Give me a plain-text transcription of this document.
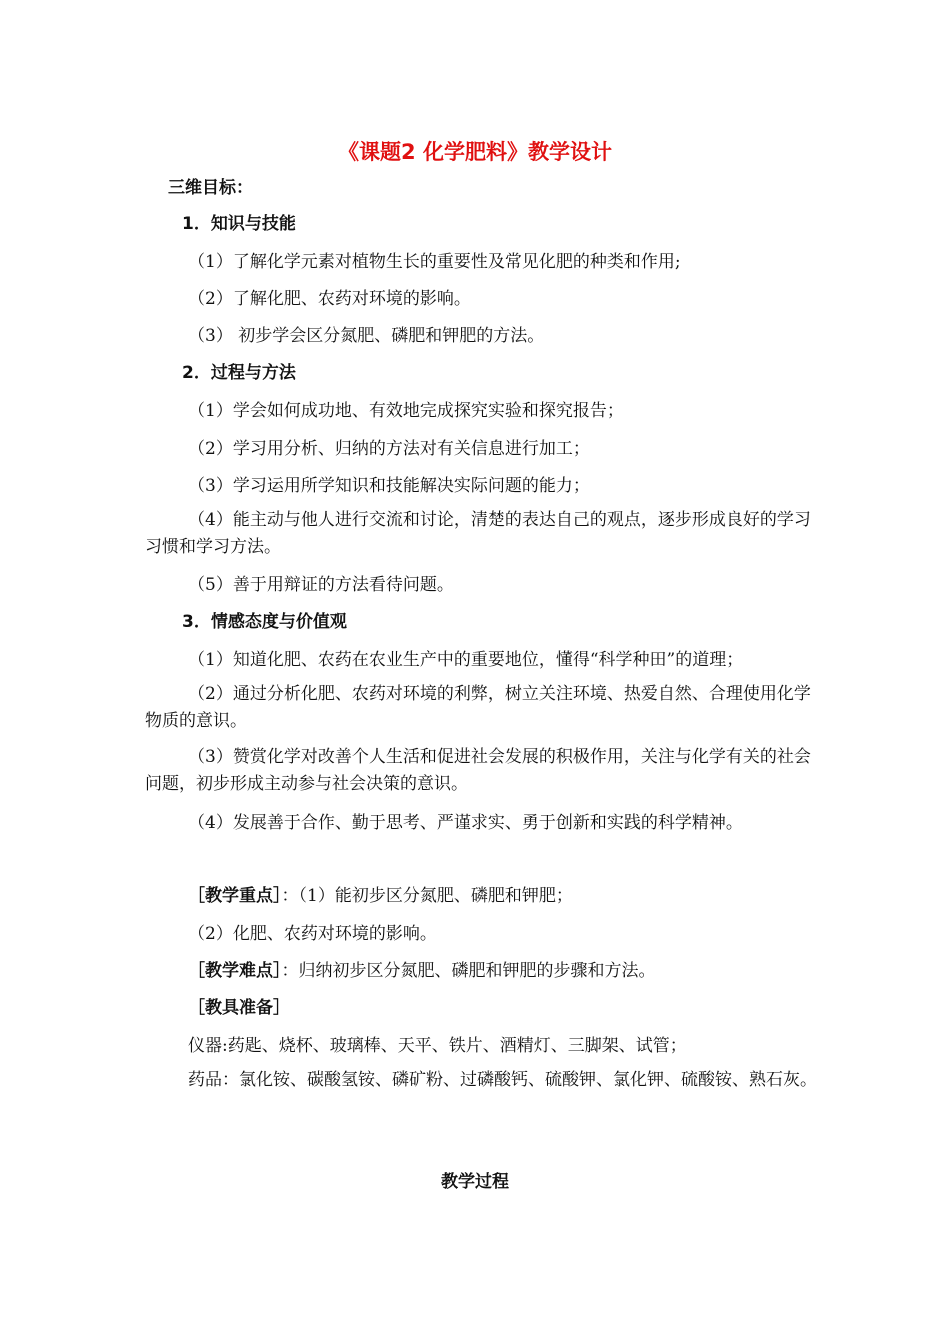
《课题2 化学肥料》教学设计
三维目标：
1．知识与技能
（1）了解化学元素对植物生长的重要性及常见化肥的种类和作用;
（2）了解化肥、农药对环境的影响。
（3） 初步学会区分氮肥、磷肥和钾肥的方法。
2．过程与方法
（1）学会如何成功地、有效地完成探究实验和探究报告；
（2）学习用分析、归纳的方法对有关信息进行加工；
（3）学习运用所学知识和技能解决实际问题的能力；
（4）能主动与他人进行交流和讨论，清楚的表达自己的观点，逐步形成良好的学习习惯和学习方法。
（5）善于用辩证的方法看待问题。
3．情感态度与价值观
（1）知道化肥、农药在农业生产中的重要地位，懂得“科学种田”的道理；
（2）通过分析化肥、农药对环境的利弊，树立关注环境、热爱自然、合理使用化学物质的意识。
（3）赞赏化学对改善个人生活和促进社会发展的积极作用，关注与化学有关的社会问题，初步形成主动参与社会决策的意识。
（4）发展善于合作、勤于思考、严谨求实、勇于创新和实践的科学精神。
［教学重点］：（1）能初步区分氮肥、磷肥和钾肥；
（2）化肥、农药对环境的影响。
［教学难点］：归纳初步区分氮肥、磷肥和钾肥的步骤和方法。
［教具准备］
仪器:药匙、烧杯、玻璃棒、天平、铁片、酒精灯、三脚架、试管；
药品：氯化铵、碳酸氢铵、磷矿粉、过磷酸钙、硫酸钾、氯化钾、硫酸铵、熟石灰。
教学过程
